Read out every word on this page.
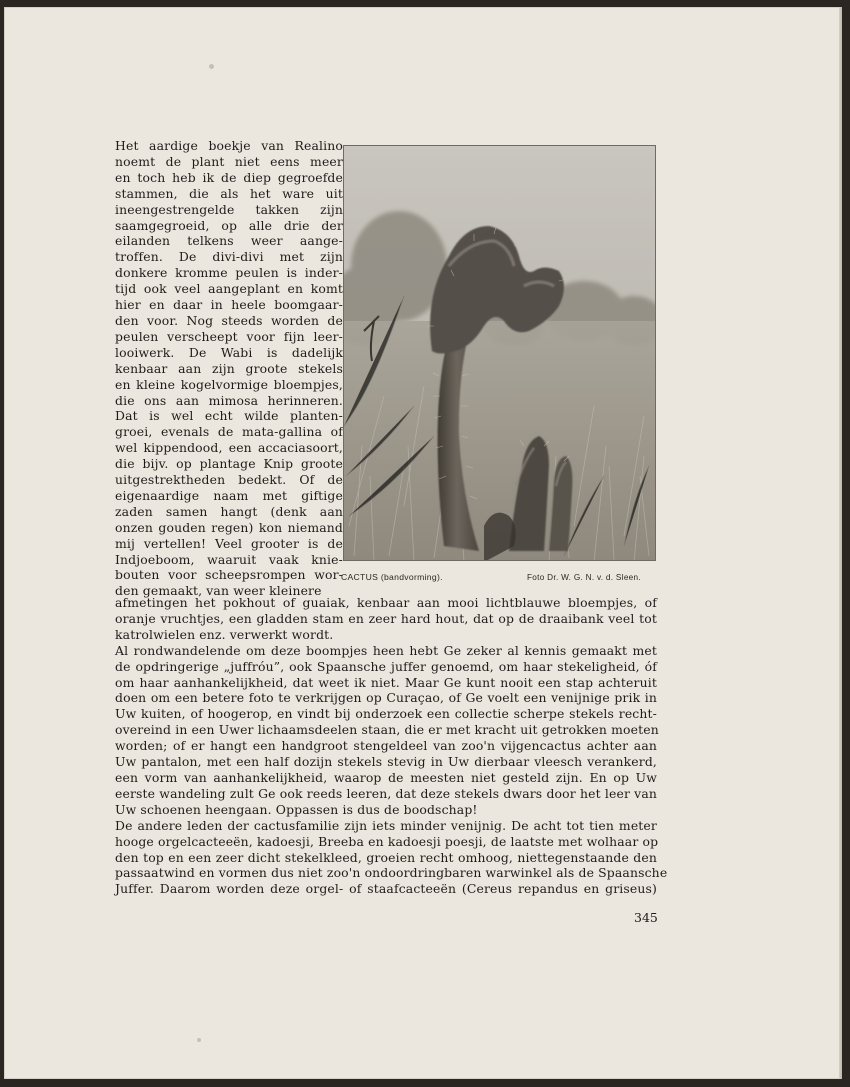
Het aardige boekje van Realino
noemt de plant niet eens meer
en toch heb ik de diep gegroefde
stammen, die als het ware uit
ineengestrengelde takken zijn
saamgegroeid, op alle drie der
eilanden telkens weer aange-
troffen. De divi-divi met zijn
donkere kromme peulen is inder-
tijd ook veel aangeplant en komt
hier en daar in heele boomgaar-
den voor. Nog steeds worden de
peulen verscheept voor fijn leer-
looiwerk. De Wabi is dadelijk
kenbaar aan zijn groote stekels
en kleine kogelvormige bloempjes,
die ons aan mimosa herinneren.
Dat is wel echt wilde planten-
groei, evenals de mata-gallina of
wel kippendood, een accaciasoort,
die bijv. op plantage Knip groote
uitgestrektheden bedekt. Of de
eigenaardige naam met giftige
zaden samen hangt (denk aan
onzen gouden regen) kon niemand
mij vertellen! Veel grooter is de
Indjoeboom, waaruit vaak knie-
bouten voor scheepsrompen wor-
den gemaakt, van weer kleinere
CACTUS (bandvorming).	Foto Dr. W. G. N. v. d. Sleen.
afmetingen het pokhout of guaiak, kenbaar aan mooi lichtblauwe bloempjes, of
oranje vruchtjes, een gladden stam en zeer hard hout, dat op de draaibank veel tot
katrolwielen enz. verwerkt wordt.
Al rondwandelende om deze boompjes heen hebt Ge zeker al kennis gemaakt met
de opdringerige „juffróu”, ook Spaansche juffer genoemd, om haar stekeligheid, óf
om haar aanhankelijkheid, dat weet ik niet. Maar Ge kunt nooit een stap achteruit
doen om een betere foto te verkrijgen op Curaçao, of Ge voelt een venijnige prik in
Uw kuiten, of hoogerop, en vindt bij onderzoek een collectie scherpe stekels recht-
overeind in een Uwer lichaamsdeelen staan, die er met kracht uit getrokken moeten
worden; of er hangt een handgroot stengeldeel van zoo'n vijgencactus achter aan
Uw pantalon, met een half dozijn stekels stevig in Uw dierbaar vleesch verankerd,
een vorm van aanhankelijkheid, waarop de meesten niet gesteld zijn. En op Uw
eerste wandeling zult Ge ook reeds leeren, dat deze stekels dwars door het leer van
Uw schoenen heengaan. Oppassen is dus de boodschap!
De andere leden der cactusfamilie zijn iets minder venijnig. De acht tot tien meter
hooge orgelcacteeën, kadoesji, Breeba en kadoesji poesji, de laatste met wolhaar op
den top en een zeer dicht stekelkleed, groeien recht omhoog, niettegenstaande den
passaatwind en vormen dus niet zoo'n ondoordringbaren warwinkel als de Spaansche
Juffer. Daarom worden deze orgel- of staafcacteeën (Cereus repandus en griseus)
345
